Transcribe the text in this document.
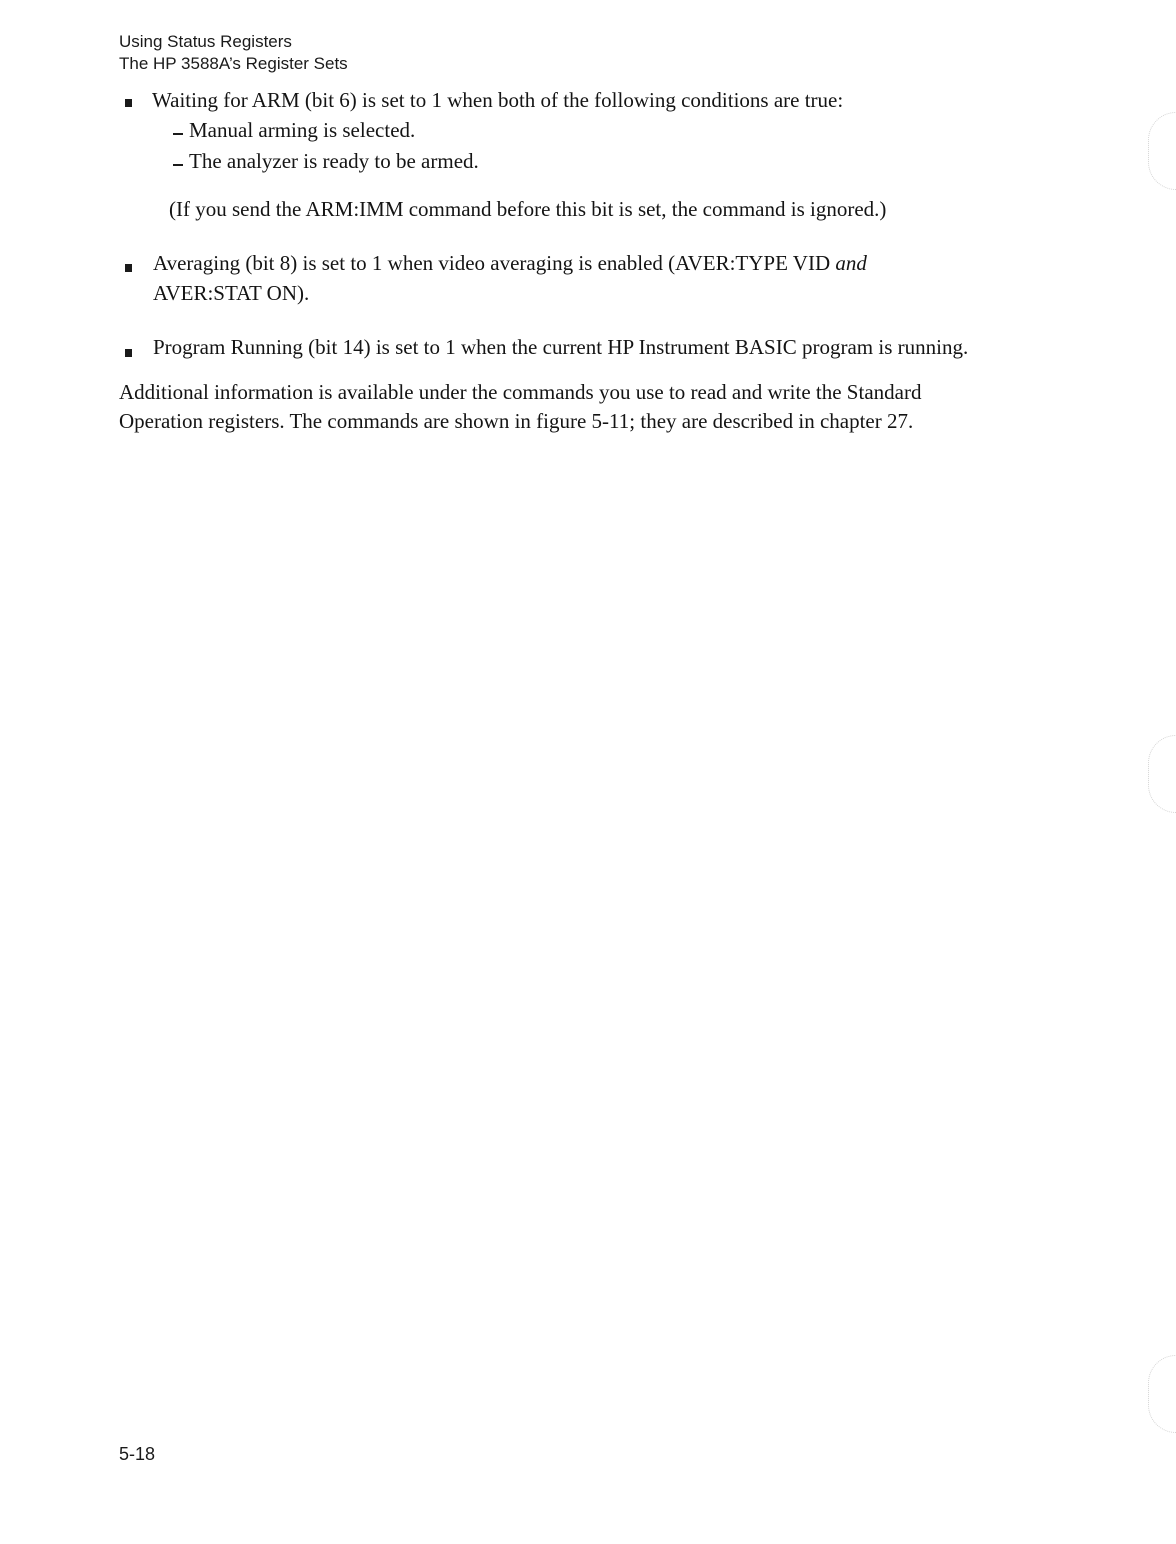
Using Status Registers
The HP 3588A’s Register Sets
Waiting for ARM (bit 6) is set to 1 when both of the following conditions are true:
Manual arming is selected.
The analyzer is ready to be armed.
(If you send the ARM:IMM command before this bit is set, the command is ignored.)
Averaging (bit 8) is set to 1 when video averaging is enabled (AVER:TYPE VID and
AVER:STAT ON).
Program Running (bit 14) is set to 1 when the current HP Instrument BASIC program is running.
Additional information is available under the commands you use to read and write the Standard
Operation registers. The commands are shown in figure 5-11; they are described in chapter 27.
5-18
